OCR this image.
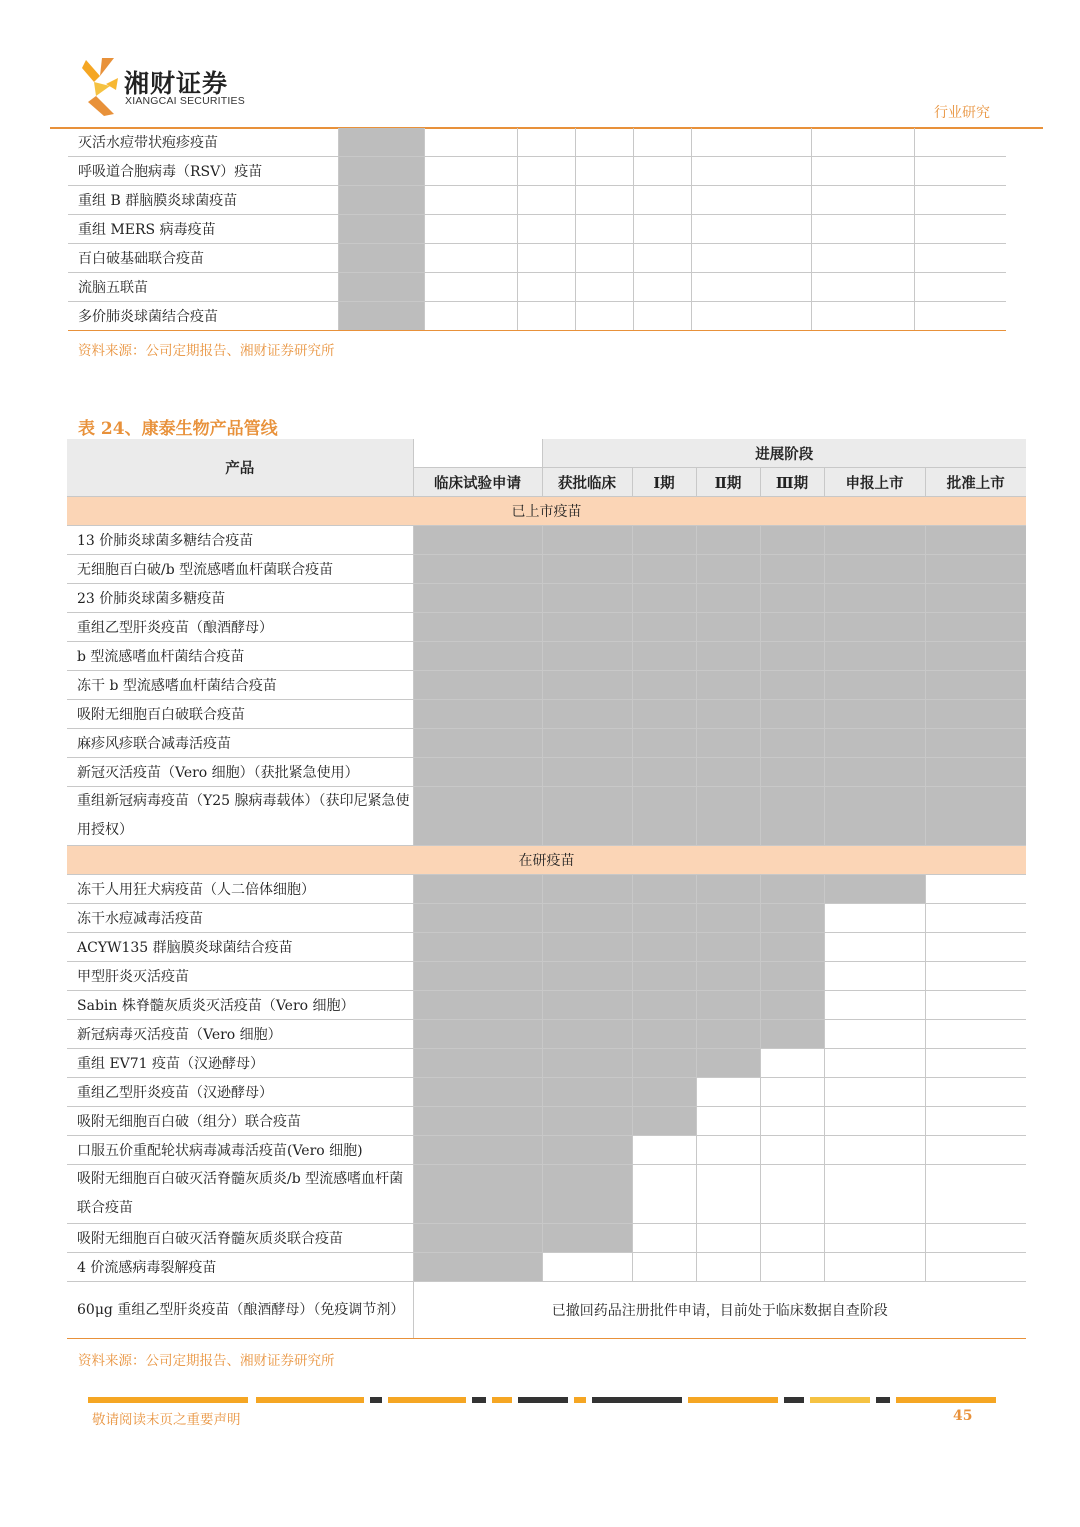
湘财证券
XIANGCAI SECURITIES
行业研究
灭活水痘带状疱疹疫苗								
呼吸道合胞病毒（RSV）疫苗								
重组 B 群脑膜炎球菌疫苗								
重组 MERS 病毒疫苗								
百白破基础联合疫苗								
流脑五联苗								
多价肺炎球菌结合疫苗								
资料来源：公司定期报告、湘财证券研究所
表 24、康泰生物产品管线
产品		进展阶段					
	临床试验申请	获批临床	Ⅰ期	Ⅱ期	Ⅲ期	申报上市	批准上市
已上市疫苗							
13 价肺炎球菌多糖结合疫苗							
无细胞百白破/b 型流感嗜血杆菌联合疫苗							
23 价肺炎球菌多糖疫苗							
重组乙型肝炎疫苗（酿酒酵母）							
b 型流感嗜血杆菌结合疫苗							
冻干 b 型流感嗜血杆菌结合疫苗							
吸附无细胞百白破联合疫苗							
麻疹风疹联合减毒活疫苗							
新冠灭活疫苗（Vero 细胞）（获批紧急使用）							
重组新冠病毒疫苗（Y25 腺病毒载体）（获印尼紧急使用授权）							
在研疫苗							
冻干人用狂犬病疫苗（人二倍体细胞）							
冻干水痘减毒活疫苗							
ACYW135 群脑膜炎球菌结合疫苗							
甲型肝炎灭活疫苗							
Sabin 株脊髓灰质炎灭活疫苗（Vero 细胞）							
新冠病毒灭活疫苗（Vero 细胞）							
重组 EV71 疫苗（汉逊酵母）							
重组乙型肝炎疫苗（汉逊酵母）							
吸附无细胞百白破（组分）联合疫苗							
口服五价重配轮状病毒减毒活疫苗(Vero 细胞)							
吸附无细胞百白破灭活脊髓灰质炎/b 型流感嗜血杆菌联合疫苗							
吸附无细胞百白破灭活脊髓灰质炎联合疫苗							
4 价流感病毒裂解疫苗							
60μg 重组乙型肝炎疫苗（酿酒酵母）（免疫调节剂）	已撤回药品注册批件申请，目前处于临床数据自查阶段						
资料来源：公司定期报告、湘财证券研究所
敬请阅读末页之重要声明	45
